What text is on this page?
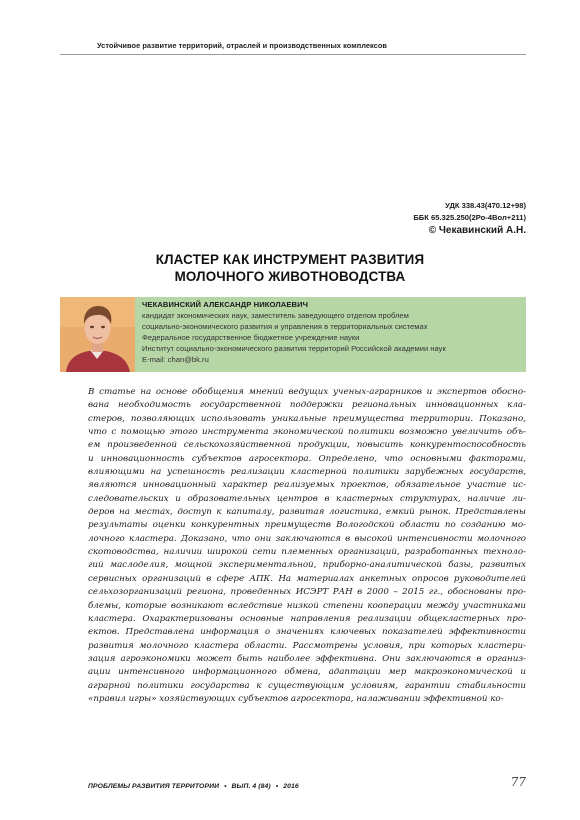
Устойчивое развитие территорий, отраслей и производственных комплексов
УДК 338.43(470.12+98)
ББК 65.325.250(2Ро-4Вол+211)
© Чекавинский А.Н.
КЛАСТЕР КАК ИНСТРУМЕНТ РАЗВИТИЯ
МОЛОЧНОГО ЖИВОТНОВОДСТВА
ЧЕКАВИНСКИЙ АЛЕКСАНДР НИКОЛАЕВИЧ
кандидат экономических наук, заместитель заведующего отделом проблем
социально-экономического развития и управления в территориальных системах
Федеральное государственное бюджетное учреждение науки
Институт социально-экономического развития территорий Российской академии наук
E-mail: chan@bk.ru
В статье на основе обобщения мнений ведущих ученых-аграрников и экспертов обосно-
вана необходимость государственной поддержки региональных инновационных кла-
стеров, позволяющих использовать уникальные преимущества территории. Показано,
что с помощью этого инструмента экономической политики возможно увеличить объ-
ем произведенной сельскохозяйственной продукции, повысить конкурентоспособность
и инновационность субъектов агросектора. Определено, что основными факторами,
влияющими на успешность реализации кластерной политики зарубежных государств,
являются инновационный характер реализуемых проектов, обязательное участие ис-
следовательских и образовательных центров в кластерных структурах, наличие ли-
деров на местах, доступ к капиталу, развитая логистика, емкий рынок. Представлены
результаты оценки конкурентных преимуществ Вологодской области по созданию мо-
лочного кластера. Доказано, что они заключаются в высокой интенсивности молочного
скотоводства, наличии широкой сети племенных организаций, разработанных техноло-
гий маслоделия, мощной экспериментальной, приборно-аналитической базы, развитых
сервисных организаций в сфере АПК. На материалах анкетных опросов руководителей
сельхозорганизаций региона, проведенных ИСЭРТ РАН в 2000 – 2015 гг., обоснованы про-
блемы, которые возникают вследствие низкой степени кооперации между участниками
кластера. Охарактеризованы основные направления реализации общекластерных про-
ектов. Представлена информация о значениях ключевых показателей эффективности
развития молочного кластера области. Рассмотрены условия, при которых кластери-
зация агроэкономики может быть наиболее эффективна. Они заключаются в организ-
ации интенсивного информационного обмена, адаптации мер макроэкономической и
аграрной политики государства к существующим условиям, гарантии стабильности
«правил игры» хозяйствующих субъектов агросектора, налаживании эффективной ко-
ПРОБЛЕМЫ РАЗВИТИЯ ТЕРРИТОРИИ • ВЫП. 4 (84) • 2016	77
